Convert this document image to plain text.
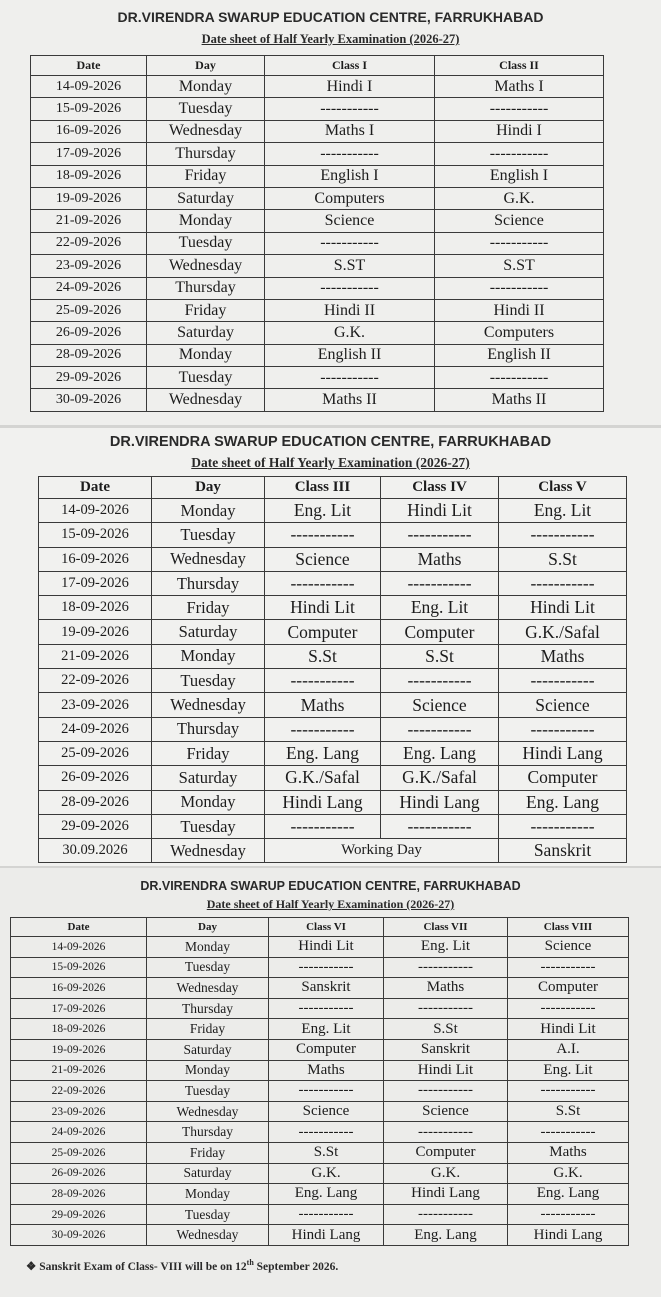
DR.VIRENDRA SWARUP EDUCATION CENTRE, FARRUKHABAD
Date sheet of Half Yearly Examination (2026-27)
Date	Day	Class I	Class II
14-09-2026	Monday	Hindi I	Maths I
15-09-2026	Tuesday	-----------	-----------
16-09-2026	Wednesday	Maths I	Hindi I
17-09-2026	Thursday	-----------	-----------
18-09-2026	Friday	English I	English I
19-09-2026	Saturday	Computers	G.K.
21-09-2026	Monday	Science	Science
22-09-2026	Tuesday	-----------	-----------
23-09-2026	Wednesday	S.ST	S.ST
24-09-2026	Thursday	-----------	-----------
25-09-2026	Friday	Hindi II	Hindi II
26-09-2026	Saturday	G.K.	Computers
28-09-2026	Monday	English II	English II
29-09-2026	Tuesday	-----------	-----------
30-09-2026	Wednesday	Maths II	Maths II
DR.VIRENDRA SWARUP EDUCATION CENTRE, FARRUKHABAD
Date sheet of Half Yearly Examination (2026-27)
Date	Day	Class III	Class IV	Class V
14-09-2026	Monday	Eng. Lit	Hindi Lit	Eng. Lit
15-09-2026	Tuesday	-----------	-----------	-----------
16-09-2026	Wednesday	Science	Maths	S.St
17-09-2026	Thursday	-----------	-----------	-----------
18-09-2026	Friday	Hindi Lit	Eng. Lit	Hindi Lit
19-09-2026	Saturday	Computer	Computer	G.K./Safal
21-09-2026	Monday	S.St	S.St	Maths
22-09-2026	Tuesday	-----------	-----------	-----------
23-09-2026	Wednesday	Maths	Science	Science
24-09-2026	Thursday	-----------	-----------	-----------
25-09-2026	Friday	Eng. Lang	Eng. Lang	Hindi Lang
26-09-2026	Saturday	G.K./Safal	G.K./Safal	Computer
28-09-2026	Monday	Hindi Lang	Hindi Lang	Eng. Lang
29-09-2026	Tuesday	-----------	-----------	-----------
30.09.2026	Wednesday	Working Day		Sanskrit
DR.VIRENDRA SWARUP EDUCATION CENTRE, FARRUKHABAD
Date sheet of Half Yearly Examination (2026-27)
Date	Day	Class VI	Class VII	Class VIII
14-09-2026	Monday	Hindi Lit	Eng. Lit	Science
15-09-2026	Tuesday	-----------	-----------	-----------
16-09-2026	Wednesday	Sanskrit	Maths	Computer
17-09-2026	Thursday	-----------	-----------	-----------
18-09-2026	Friday	Eng. Lit	S.St	Hindi Lit
19-09-2026	Saturday	Computer	Sanskrit	A.I.
21-09-2026	Monday	Maths	Hindi Lit	Eng. Lit
22-09-2026	Tuesday	-----------	-----------	-----------
23-09-2026	Wednesday	Science	Science	S.St
24-09-2026	Thursday	-----------	-----------	-----------
25-09-2026	Friday	S.St	Computer	Maths
26-09-2026	Saturday	G.K.	G.K.	G.K.
28-09-2026	Monday	Eng. Lang	Hindi Lang	Eng. Lang
29-09-2026	Tuesday	-----------	-----------	-----------
30-09-2026	Wednesday	Hindi Lang	Eng. Lang	Hindi Lang
❖ Sanskrit Exam of Class- VIII will be on 12th September 2026.
